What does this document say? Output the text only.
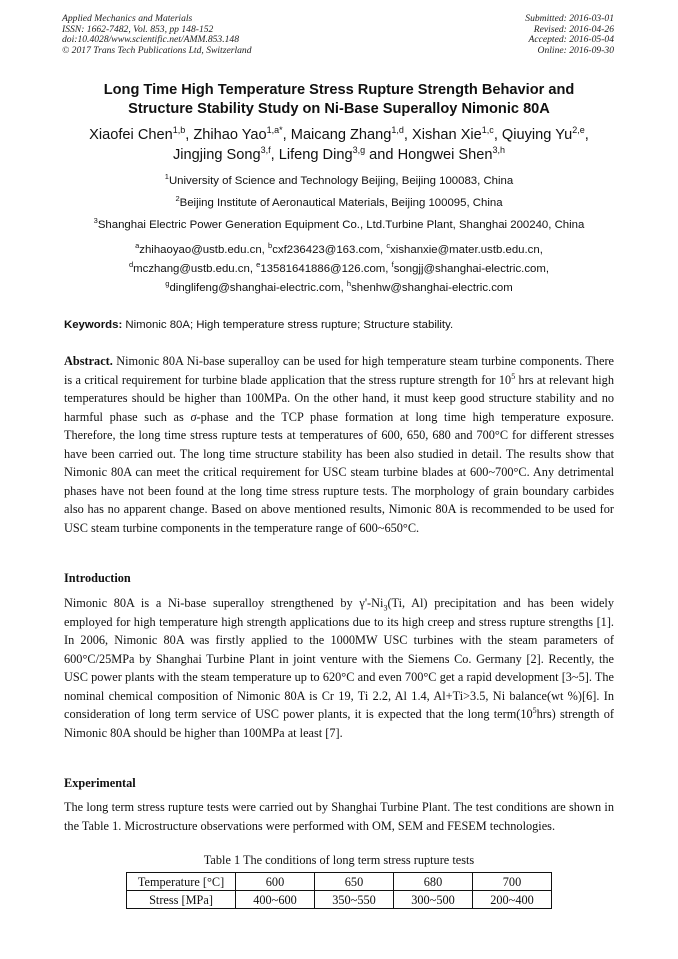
Applied Mechanics and Materials
ISSN: 1662-7482, Vol. 853, pp 148-152
doi:10.4028/www.scientific.net/AMM.853.148
© 2017 Trans Tech Publications Ltd, Switzerland
Submitted: 2016-03-01
Revised: 2016-04-26
Accepted: 2016-05-04
Online: 2016-09-30
Long Time High Temperature Stress Rupture Strength Behavior and
Structure Stability Study on Ni-Base Superalloy Nimonic 80A
Xiaofei Chen$^{1,b}$, Zhihao Yao$^{1,a*}$, Maicang Zhang$^{1,d}$, Xishan Xie$^{1,c}$, Qiuying Yu$^{2,e}$,
Jingjing Song$^{3,f}$, Lifeng Ding$^{3,g}$ and Hongwei Shen$^{3,h}$
$^1$University of Science and Technology Beijing, Beijing 100083, China
$^2$Beijing Institute of Aeronautical Materials, Beijing 100095, China
$^3$Shanghai Electric Power Generation Equipment Co., Ltd.Turbine Plant, Shanghai 200240, China
$^a$zhihaoyao@ustb.edu.cn, $^b$cxf236423@163.com, $^c$xishanxie@mater.ustb.edu.cn,
$^d$mczhang@ustb.edu.cn, $^e$13581641886@126.com, $^f$songjj@shanghai-electric.com,
$^g$dinglifeng@shanghai-electric.com, $^h$shenhw@shanghai-electric.com
Keywords: Nimonic 80A; High temperature stress rupture; Structure stability.
Abstract. Nimonic 80A Ni-base superalloy can be used for high temperature steam turbine components. There is a critical requirement for turbine blade application that the stress rupture strength for $10^5$ hrs at relevant high temperatures should be higher than 100MPa. On the other hand, it must keep good structure stability and no harmful phase such as σ-phase and the TCP phase formation at long time high temperature exposure. Therefore, the long time stress rupture tests at temperatures of 600, 650, 680 and 700°C for different stresses have been carried out. The long time structure stability has been also studied in detail. The results show that Nimonic 80A can meet the critical requirement for USC steam turbine blades at 600~700°C. Any detrimental phases have not been found at the long time stress rupture tests. The morphology of grain boundary carbides also has no apparent change. Based on above mentioned results, Nimonic 80A is recommended to be used for USC steam turbine components in the temperature range of 600~650°C.
Introduction
Nimonic 80A is a Ni-base superalloy strengthened by $\gamma'-Ni_3(Ti$, Al) precipitation and has been widely employed for high temperature high strength applications due to its high creep and stress rupture strengths [1]. In 2006, Nimonic 80A was firstly applied to the 1000MW USC turbines with the steam parameters of 600°C/25MPa by Shanghai Turbine Plant in joint venture with the Siemens Co. Germany [2]. Recently, the USC power plants with the steam temperature up to 620°C and even 700°C get a rapid development [3~5]. The nominal chemical composition of Nimonic 80A is Cr 19, Ti 2.2, Al 1.4, Al+Ti>3.5, Ni balance(wt %)[6]. In consideration of long term service of USC power plants, it is expected that the long $term(10^5hrs)$ strength of Nimonic 80A should be higher than 100MPa at least [7].
Experimental
The long term stress rupture tests were carried out by Shanghai Turbine Plant. The test conditions are shown in the Table 1. Microstructure observations were performed with OM, SEM and FESEM technologies.
Table 1 The conditions of long term stress rupture tests
Temperature [°C]	600	650	680	700
Stress [MPa]	400~600	350~550	300~500	200~400
